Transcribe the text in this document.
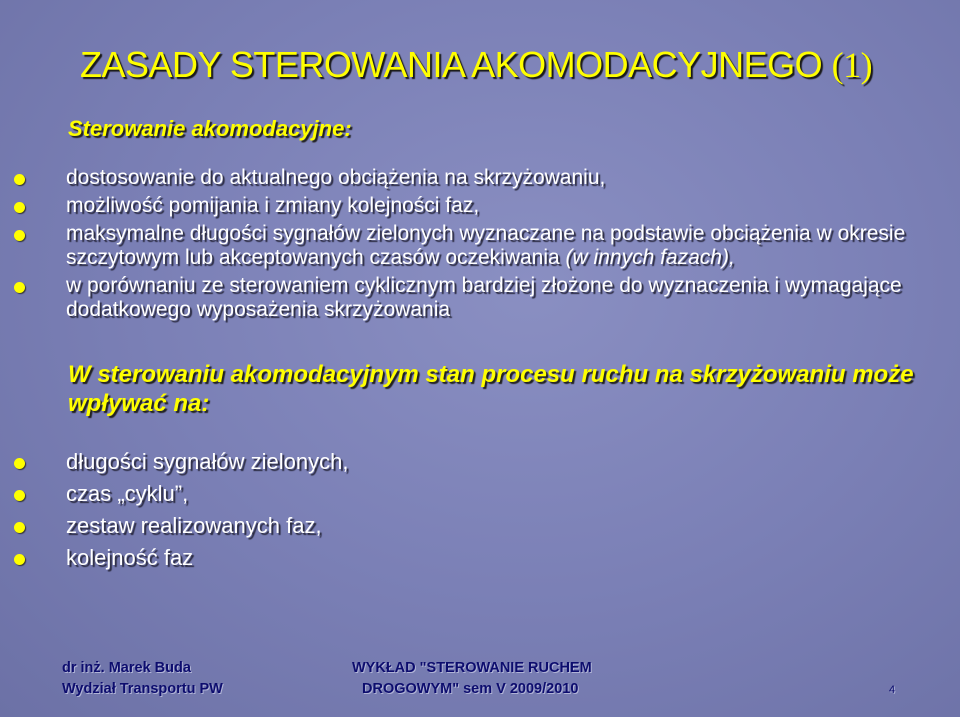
ZASADY STEROWANIA AKOMODACYJNEGO (1)
Sterowanie akomodacyjne:
dostosowanie do aktualnego obciążenia na skrzyżowaniu,
możliwość pomijania i zmiany kolejności faz,
maksymalne długości sygnałów zielonych wyznaczane na podstawie obciążenia w okresie szczytowym lub akceptowanych czasów oczekiwania (w innych fazach),
w porównaniu ze sterowaniem cyklicznym bardziej złożone do wyznaczenia i wymagające dodatkowego wyposażenia skrzyżowania
W sterowaniu akomodacyjnym stan procesu ruchu na skrzyżowaniu może wpływać na:
długości sygnałów zielonych,
czas „cyklu”,
zestaw realizowanych faz,
kolejność faz
dr inż. Marek Buda
Wydział Transportu PW
WYKŁAD "STEROWANIE RUCHEM
DROGOWYM" sem V 2009/2010	4
